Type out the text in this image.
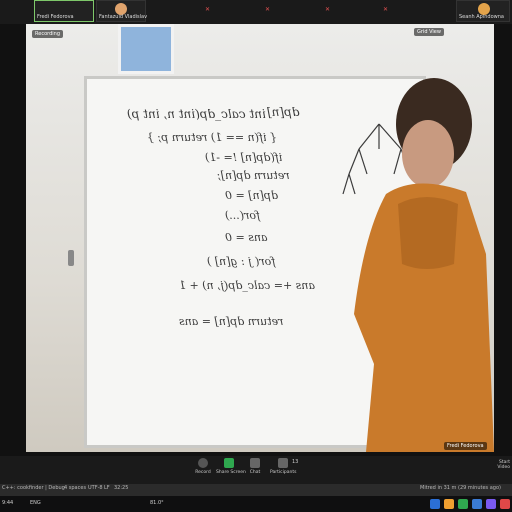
Fredi Fedorova	Fantazuid Vladislav
✕	✕	✕	✕
Seanh Apindowna
dp[n]
int calc_dp(int n, int p)
{ if(n == 1) return p; }
if(dp[n] != -1)
return dp[n];
dp[n] = 0
for(...)
ans = 0
for( j : g[n] )
ans += calc_dp(j, n) + 1
return dp[n] = ans
Recording	Grid View
Fredi Fedorova
Record	Share Screen Chat	Participants
13	Start Video
C++: cookfinder | Debug 4 spaces UTF-8 LF 32:25	Mitred in 31 m (29 minutes ago)
9:44	ENG	81.0°
